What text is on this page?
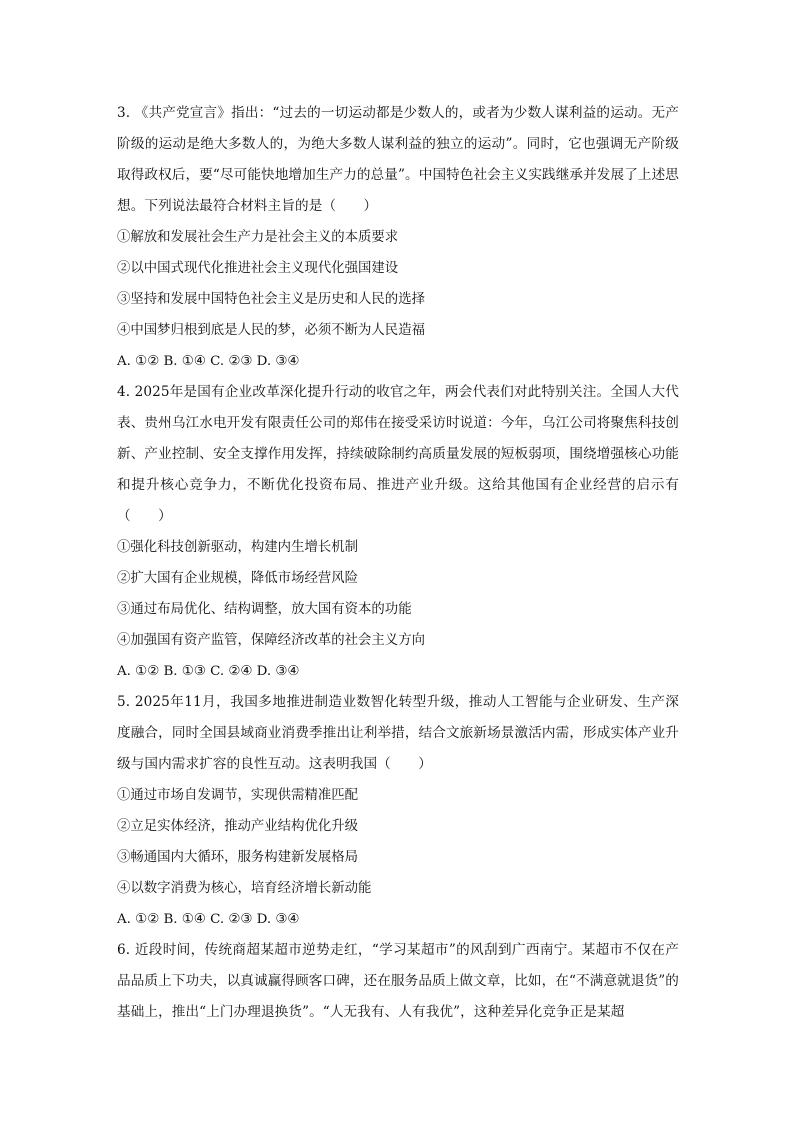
3. 《共产党宣言》指出：“过去的一切运动都是少数人的，或者为少数人谋利益的运动。无产阶级的运动是绝大多数人的，为绝大多数人谋利益的独立的运动”。同时，它也强调无产阶级取得政权后，要“尽可能快地增加生产力的总量”。中国特色社会主义实践继承并发展了上述思想。下列说法最符合材料主旨的是（　　）

①解放和发展社会生产力是社会主义的本质要求

②以中国式现代化推进社会主义现代化强国建设

③坚持和发展中国特色社会主义是历史和人民的选择

④中国梦归根到底是人民的梦，必须不断为人民造福

A. ①② B. ①④ C. ②③ D. ③④

4. 2025年是国有企业改革深化提升行动的收官之年，两会代表们对此特别关注。全国人大代表、贵州乌江水电开发有限责任公司的郑伟在接受采访时说道：今年，乌江公司将聚焦科技创新、产业控制、安全支撑作用发挥，持续破除制约高质量发展的短板弱项，围绕增强核心功能和提升核心竞争力，不断优化投资布局、推进产业升级。这给其他国有企业经营的启示有（　　）

①强化科技创新驱动，构建内生增长机制

②扩大国有企业规模，降低市场经营风险

③通过布局优化、结构调整，放大国有资本的功能

④加强国有资产监管，保障经济改革的社会主义方向

A. ①② B. ①③ C. ②④ D. ③④

5. 2025年11月，我国多地推进制造业数智化转型升级，推动人工智能与企业研发、生产深度融合，同时全国县域商业消费季推出让利举措，结合文旅新场景激活内需，形成实体产业升级与国内需求扩容的良性互动。这表明我国（　　）

①通过市场自发调节，实现供需精准匹配

②立足实体经济，推动产业结构优化升级

③畅通国内大循环，服务构建新发展格局

④以数字消费为核心，培育经济增长新动能

A. ①② B. ①④ C. ②③ D. ③④

6. 近段时间，传统商超某超市逆势走红，“学习某超市”的风刮到广西南宁。某超市不仅在产品品质上下功夫，以真诚赢得顾客口碑，还在服务品质上做文章，比如，在“不满意就退货”的基础上，推出“上门办理退换货”。“人无我有、人有我优”，这种差异化竞争正是某超
